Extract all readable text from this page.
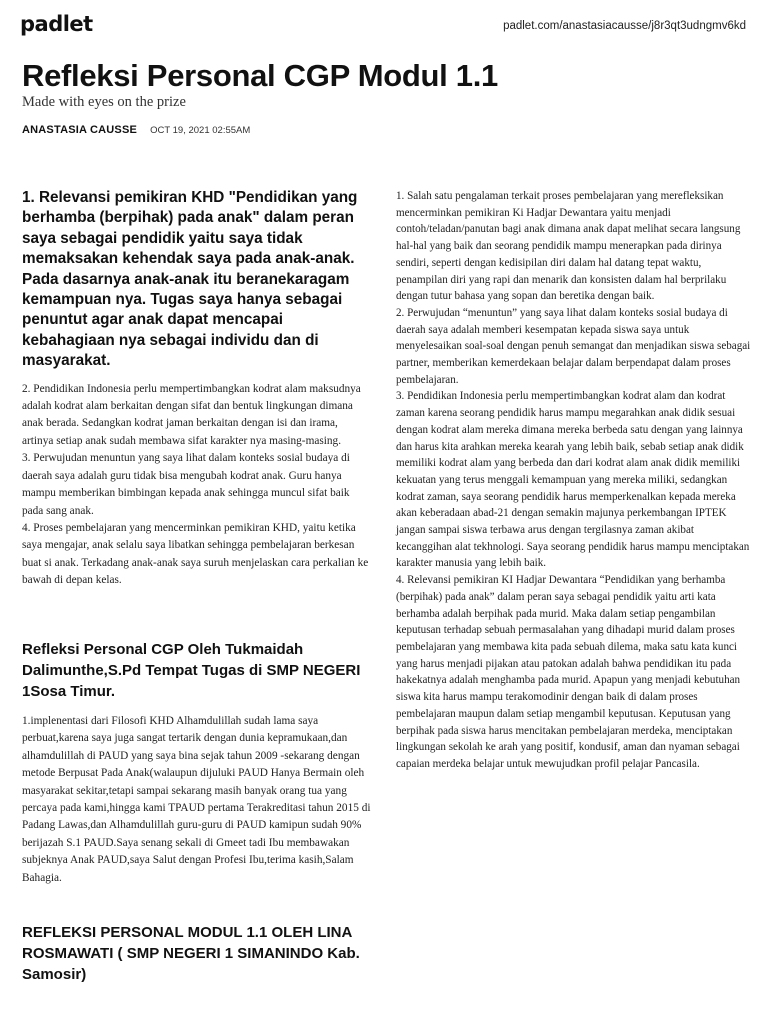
padlet	padlet.com/anastasiacausse/j8r3qt3udngmv6kd
Refleksi Personal CGP Modul 1.1
Made with eyes on the prize
ANASTASIA CAUSSE OCT 19, 2021 02:55AM
1. Relevansi pemikiran KHD "Pendidikan yang berhamba (berpihak) pada anak" dalam peran saya sebagai pendidik yaitu saya tidak memaksakan kehendak saya pada anak-anak. Pada dasarnya anak-anak itu beranekaragam kemampuan nya. Tugas saya hanya sebagai penuntut agar anak dapat mencapai kebahagiaan nya sebagai individu dan di masyarakat.

2. Pendidikan Indonesia perlu mempertimbangkan kodrat alam maksudnya adalah kodrat alam berkaitan dengan sifat dan bentuk lingkungan dimana anak berada. Sedangkan kodrat jaman berkaitan dengan isi dan irama, artinya setiap anak sudah membawa sifat karakter nya masing-masing.
3. Perwujudan menuntun yang saya lihat dalam konteks sosial budaya di daerah saya adalah guru tidak bisa mengubah kodrat anak. Guru hanya mampu memberikan bimbingan kepada anak sehingga muncul sifat baik pada sang anak.
4. Proses pembelajaran yang mencerminkan pemikiran KHD, yaitu ketika saya mengajar, anak selalu saya libatkan sehingga pembelajaran berkesan buat si anak. Terkadang anak-anak saya suruh menjelaskan cara perkalian ke bawah di depan kelas.

Refleksi Personal CGP Oleh Tukmaidah Dalimunthe,S.Pd Tempat Tugas di SMP NEGERI 1Sosa Timur.

1.implenentasi dari Filosofi KHD Alhamdulillah sudah lama saya perbuat,karena saya juga sangat tertarik dengan dunia kepramukaan,dan alhamdulillah di PAUD yang saya bina sejak tahun 2009 -sekarang dengan metode Berpusat Pada Anak(walaupun dijuluki PAUD Hanya Bermain oleh masyarakat sekitar,tetapi sampai sekarang masih banyak orang tua yang percaya pada kami,hingga kami TPAUD pertama Terakreditasi tahun 2015 di Padang Lawas,dan Alhamdulillah guru-guru di PAUD kamipun sudah 90% berijazah S.1 PAUD.Saya senang sekali di Gmeet tadi Ibu membawakan subjeknya Anak PAUD,saya Salut dengan Profesi Ibu,terima kasih,Salam Bahagia.

REFLEKSI PERSONAL MODUL 1.1 OLEH LINA ROSMAWATI ( SMP NEGERI 1 SIMANINDO Kab. Samosir)

1. Salah satu pengalaman terkait proses pembelajaran yang merefleksikan mencerminkan pemikiran Ki Hadjar Dewantara yaitu menjadi contoh/teladan/panutan bagi anak dimana anak dapat melihat secara langsung hal-hal yang baik dan seorang pendidik mampu menerapkan pada dirinya sendiri, seperti dengan kedisipilan diri dalam hal datang tepat waktu, penampilan diri yang rapi dan menarik dan konsisten dalam hal berprilaku dengan tutur bahasa yang sopan dan beretika dengan baik.
2. Perwujudan “menuntun” yang saya lihat dalam konteks sosial budaya di daerah saya adalah memberi kesempatan kepada siswa saya untuk menyelesaikan soal-soal dengan penuh semangat dan menjadikan siswa sebagai partner, memberikan kemerdekaan belajar dalam berpendapat dalam proses pembelajaran.
3. Pendidikan Indonesia perlu mempertimbangkan kodrat alam dan kodrat zaman karena seorang pendidik harus mampu megarahkan anak didik sesuai dengan kodrat alam mereka dimana mereka berbeda satu dengan yang lainnya dan harus kita arahkan mereka kearah yang lebih baik, sebab setiap anak didik memiliki kodrat alam yang berbeda dan dari kodrat alam anak didik memiliki kekuatan yang terus menggali kemampuan yang mereka miliki, sedangkan kodrat zaman, saya seorang pendidik harus memperkenalkan kepada mereka akan keberadaan abad-21 dengan semakin majunya perkembangan IPTEK jangan sampai siswa terbawa arus dengan tergilasnya zaman akibat kecanggihan alat tekhnologi. Saya seorang pendidik harus mampu menciptakan karakter manusia yang lebih baik.
4. Relevansi pemikiran KI Hadjar Dewantara “Pendidikan yang berhamba (berpihak) pada anak” dalam peran saya sebagai pendidik yaitu arti kata berhamba adalah berpihak pada murid. Maka dalam setiap pengambilan keputusan terhadap sebuah permasalahan yang dihadapi murid dalam proses pembelajaran yang membawa kita pada sebuah dilema, maka satu kata kunci yang harus menjadi pijakan atau patokan adalah bahwa pendidikan itu pada hakekatnya adalah menghamba pada murid. Apapun yang menjadi kebutuhan siswa kita harus mampu terakomodinir dengan baik di dalam proses pembelajaran maupun dalam setiap mengambil keputusan. Keputusan yang berpihak pada siswa harus mencitakan pembelajaran merdeka, menciptakan lingkungan sekolah ke arah yang positif, kondusif, aman dan nyaman sebagai capaian merdeka belajar untuk mewujudkan profil pelajar Pancasila.
